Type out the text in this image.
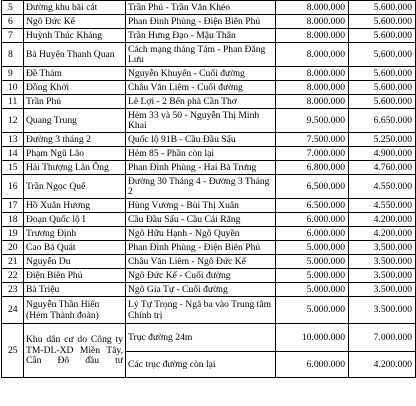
5	Đường khu bãi cát	Trần Phú - Trần Văn Khéo	8.000.000	5.600.000
6	Ngô Đức Kế	Phan Đình Phùng - Điện Biên Phủ	8.000.000	5.600.000
7	Huỳnh Thúc Kháng	Trần Hưng Đạo - Mậu Thân	8.000.000	5.600.000
8	Bà Huyện Thanh Quan	Cách mạng tháng Tám - Phan Đăng Lưu	8.000.000	5.600.000
9	Đề Thám	Nguyễn Khuyến - Cuối đường	8.000.000	5.600.000
10	Đồng Khởi	Châu Văn Liêm - Cuối đường	8.000.000	5.600.000
11	Trần Phú	Lê Lợi - 2 Bến phà Cần Thơ	8.000.000	5.600.000
12	Quang Trung	Hẻm 33 và 50 - Nguyễn Thị Minh Khai	9.500.000	6.650.000
13	Đường 3 tháng 2	Quốc lộ 91B - Cầu Đầu Sấu	7.500.000	5.250.000
14	Phạm Ngũ Lão	Hẻm 85 - Phần còn lại	7.000.000	4.900.000
15	Hải Thượng Lãn Ông	Phan Đình Phùng - Hai Bà Trưng	6.800.000	4.760.000
16	Trần Ngọc Quế	Đường 30 Tháng 4 - Đường 3 Tháng 2	6.500.000	4.550.000
17	Hồ Xuân Hương	Hùng Vương - Bùi Thị Xuân	6.500.000	4.550.000
18	Đoạn Quốc lộ I	Cầu Đầu Sấu - Cầu Cái Răng	6.000.000	4.200.000
19	Trương Định	Ngô Hữu Hạnh - Ngô Quyền	6.000.000	4.200.000
20	Cao Bá Quát	Phan Đình Phùng - Điện Biên Phủ	5.000.000	3.500.000
21	Nguyễn Du	Châu Văn Liêm - Ngô Đức Kế	5.000.000	3.500.000
22	Điện Biên Phủ	Ngô Đức Kế - Cuối đường	5.000.000	3.500.000
23	Bà Triệu	Ngô Gia Tự - Cuối đường	5.000.000	3.500.000
24	Nguyễn Thần Hiến (Hẻm Thành đoàn)	Lý Tự Trọng - Ngã ba vào Trung tâm Chính trị	5.000.000	3.500.000
25	Khu dân cư do Công ty TM-DL-XD Miền Tây, Cần Đô đầu tư	Trục đường 24m	10.000.000	7.000.000
		Các trục đường còn lại	6.000.000	4.200.000
